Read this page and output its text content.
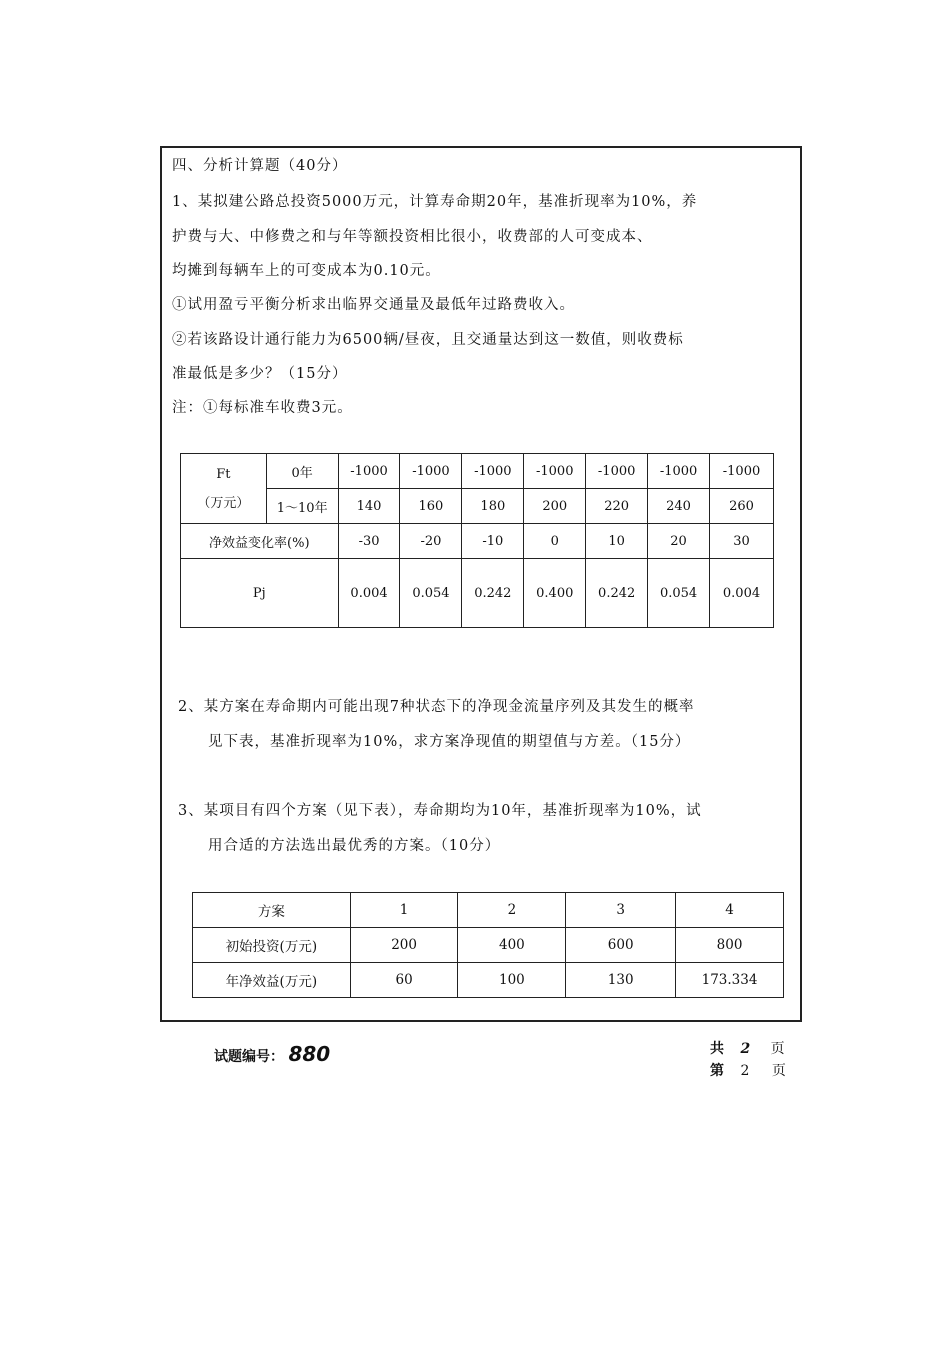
四、分析计算题（40分）
1、某拟建公路总投资5000万元，计算寿命期20年，基准折现率为10%，养
护费与大、中修费之和与年等额投资相比很小，收费部的人可变成本、
均摊到每辆车上的可变成本为0.10元。
①试用盈亏平衡分析求出临界交通量及最低年过路费收入。
②若该路设计通行能力为6500辆/昼夜，且交通量达到这一数值，则收费标
准最低是多少？（15分）
注：①每标准车收费3元。
Ft
（万元）	0年	-1000	-1000	-1000	-1000	-1000	-1000	-1000
	1～10年	140	160	180	200	220	240	260
净效益变化率(%)		-30	-20	-10	0	10	20	30
Pj		0.004	0.054	0.242	0.400	0.242	0.054	0.004
2、某方案在寿命期内可能出现7种状态下的净现金流量序列及其发生的概率
见下表，基准折现率为10%，求方案净现值的期望值与方差。（15分）
3、某项目有四个方案（见下表），寿命期均为10年，基准折现率为10%，试
用合适的方法选出最优秀的方案。（10分）
方案	1	2	3	4
初始投资(万元)	200	400	600	800
年净效益(万元)	60	100	130	173.334
试题编号： 880	共 2 页
第 2 页
